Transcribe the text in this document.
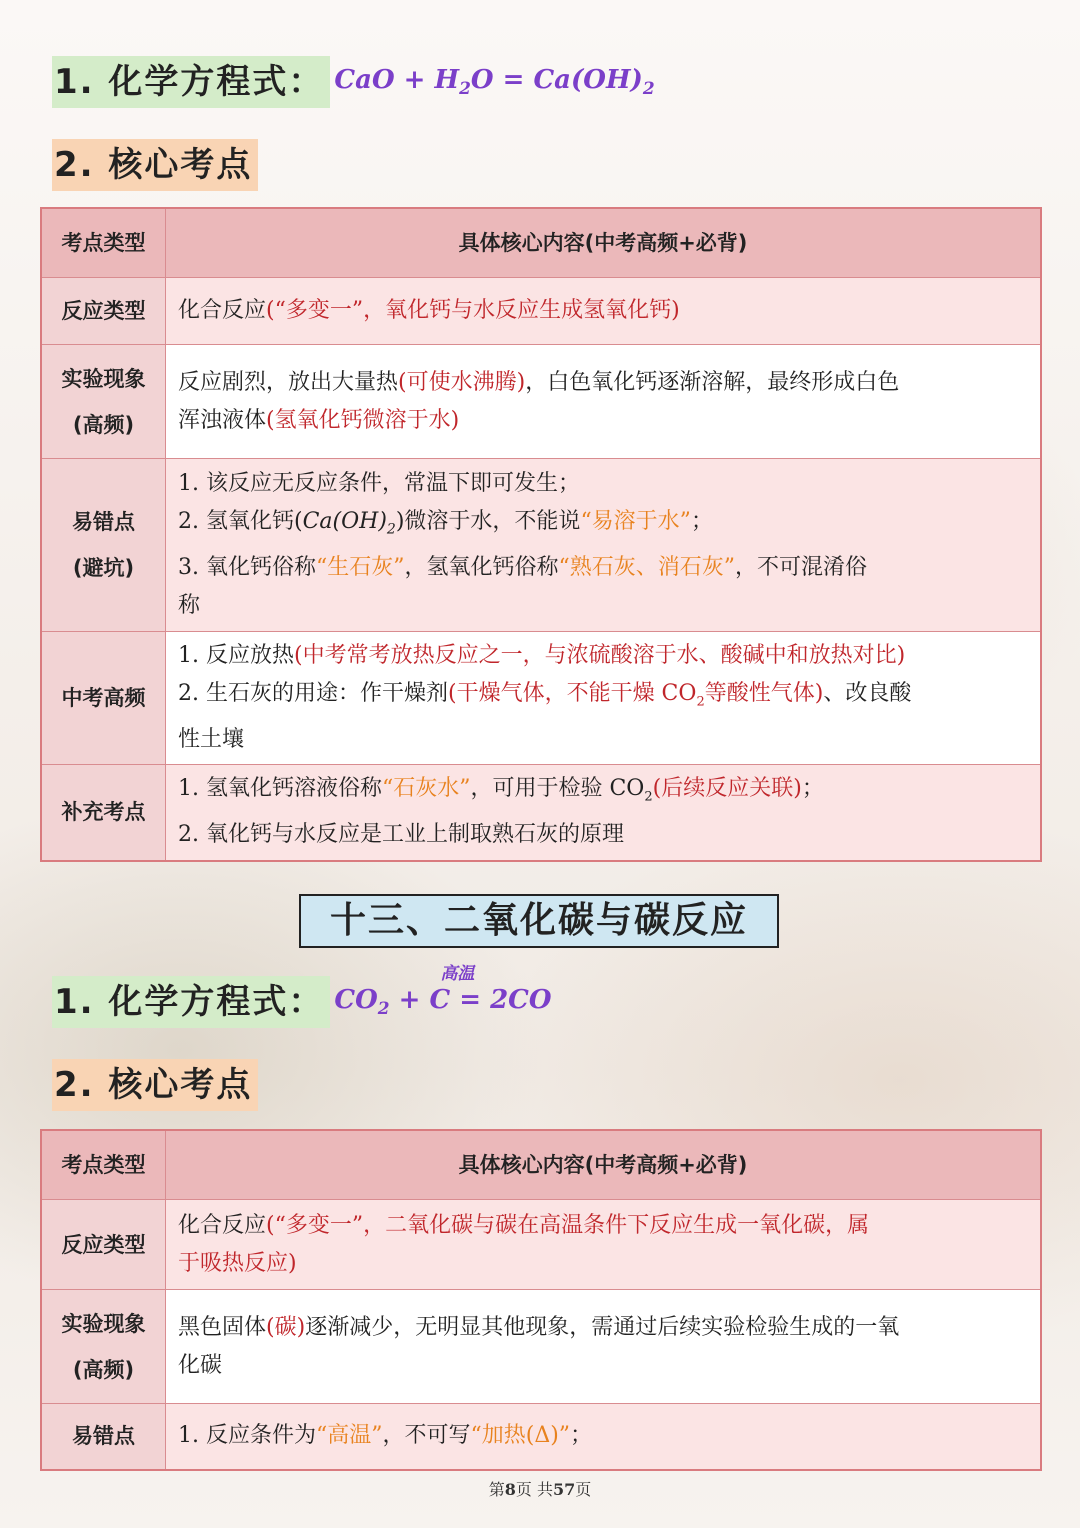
1. 化学方程式： CaO + $H_2O = Ca(OH)_2$
2. 核心考点
考点类型	具体核心内容(中考高频+必背)
反应类型	化合反应(“多变一”，氧化钙与水反应生成氢氧化钙)

实验现象
(高频)	反应剧烈，放出大量热(可使水沸腾)，白色氧化钙逐渐溶解，最终形成白色
浑浊液体(氢氧化钙微溶于水)

易错点
(避坑)	1. 该反应无反应条件，常温下即可发生；
2. 氢氧化钙$(Ca(OH)_2)$微溶于水，不能说“易溶于水”；
3. 氧化钙俗称“生石灰”，氢氧化钙俗称“熟石灰、消石灰”，不可混淆俗
称

中考高频	1. 反应放热(中考常考放热反应之一，与浓硫酸溶于水、酸碱中和放热对比)
2. 生石灰的用途：作干燥剂(干燥气体，不能干燥 $CO_2$等酸性气体)、改良酸
性土壤

补充考点	1. 氢氧化钙溶液俗称“石灰水”，可用于检验 $CO_2$(后续反应关联)；
2. 氧化钙与水反应是工业上制取熟石灰的原理
十三、二氧化碳与碳反应
1. 化学方程式： $CO_2 + C = 2CO$
高温
2. 核心考点
考点类型	具体核心内容(中考高频+必背)
反应类型	化合反应(“多变一”，二氧化碳与碳在高温条件下反应生成一氧化碳，属
于吸热反应)

实验现象
(高频)	黑色固体(碳)逐渐减少，无明显其他现象，需通过后续实验检验生成的一氧
化碳

易错点	1. 反应条件为“高温”，不可写“加热(Δ)”；
第8页 共57页
